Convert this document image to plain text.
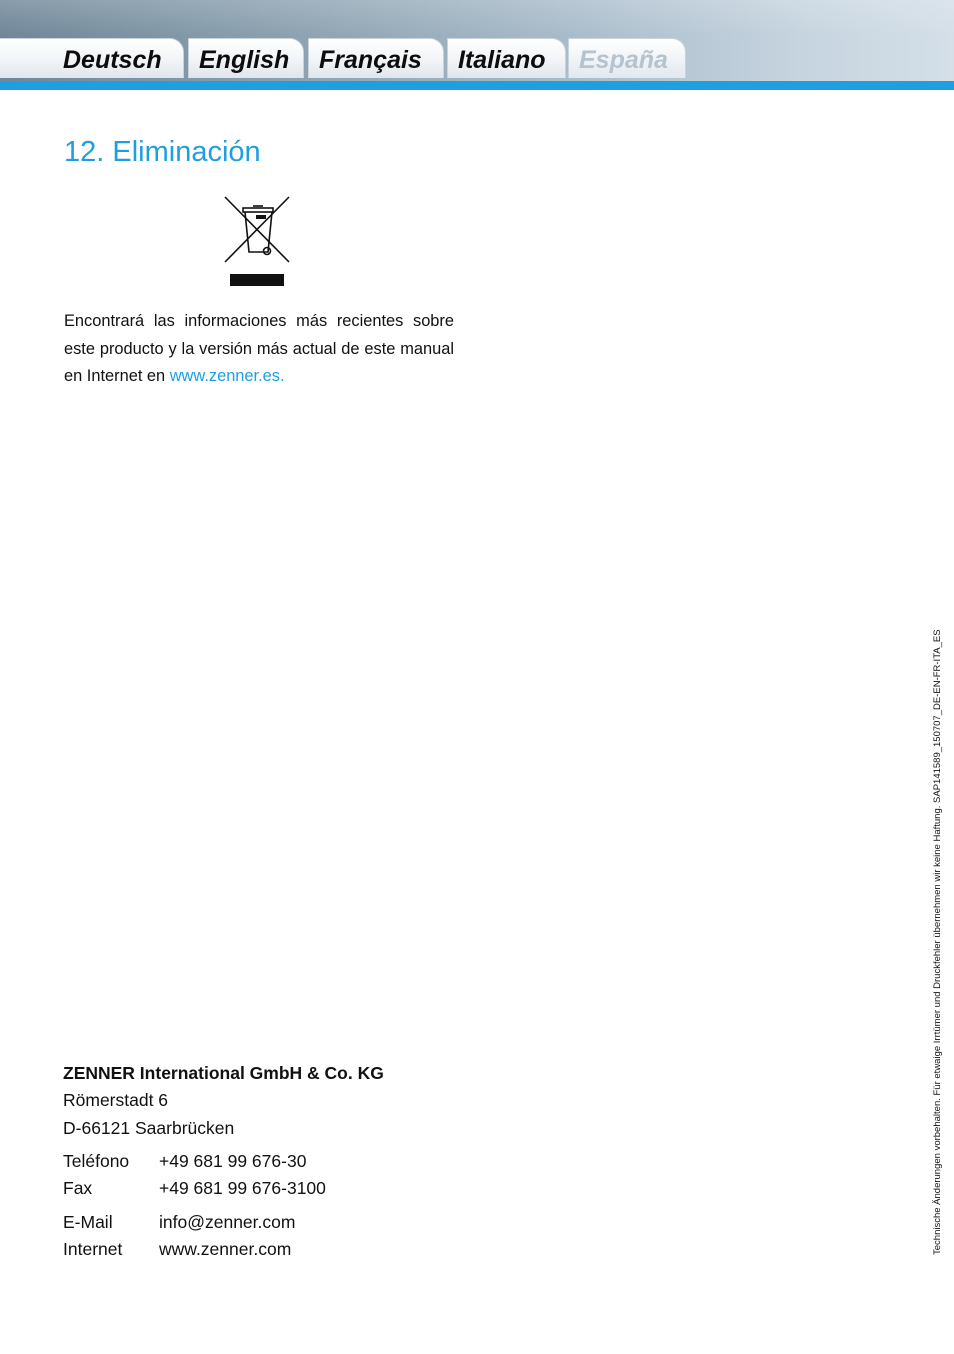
Deutsch	English	Français	Italiano	España
12. Eliminación

Encontrará las informaciones más recientes sobre este producto y la versión más actual de este manual en Internet en www.zenner.es.

Technische Änderungen vorbehalten. Für etwaige Irrtümer und Druckfehler übernehmen wir keine Haftung. SAP141589_150707_DE-EN-FR-ITA_ES
ZENNER International GmbH & Co. KG
Römerstadt 6
D-66121 Saarbrücken
Teléfono	+49 681 99 676-30
Fax	+49 681 99 676-3100
E-Mail	info@zenner.com
Internet	www.zenner.com
